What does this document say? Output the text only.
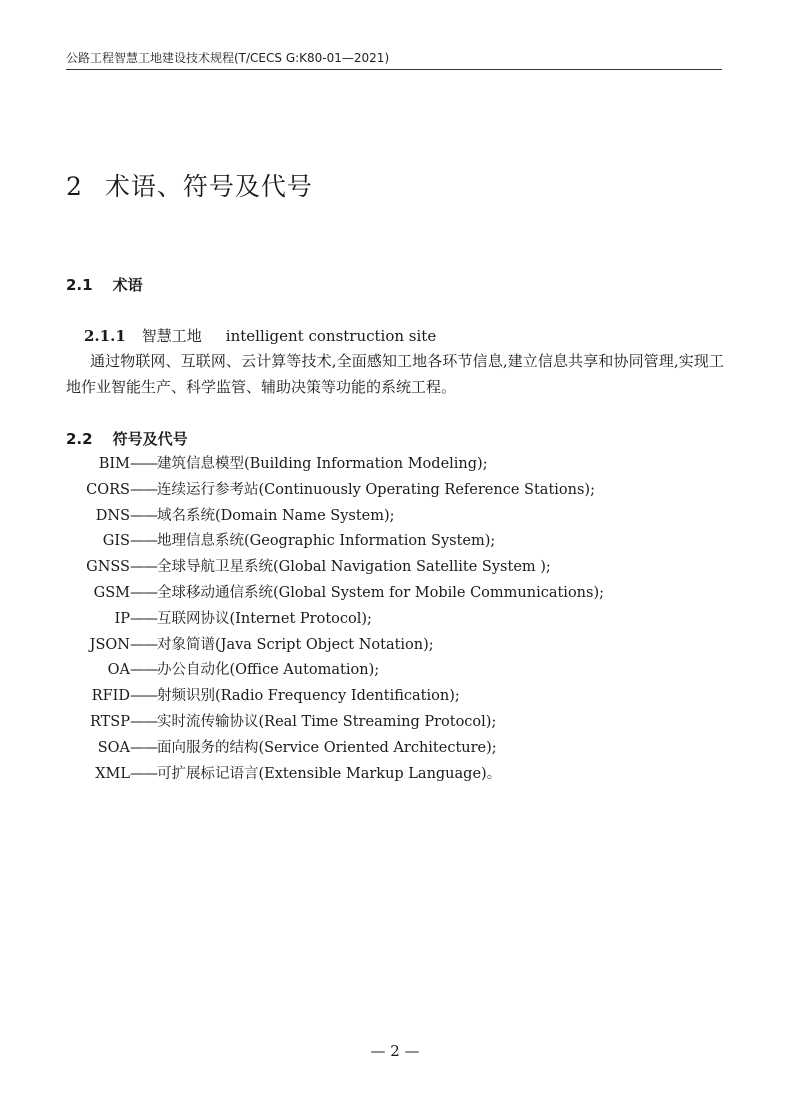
公路工程智慧工地建设技术规程(T/CECS G:K80-01—2021)
2 术语、符号及代号
2.1 术语
2.1.1 智慧工地 intelligent construction site
通过物联网、互联网、云计算等技术,全面感知工地各环节信息,建立信息共享和协同管理,实现工地作业智能生产、科学监管、辅助决策等功能的系统工程。
2.2 符号及代号
BIM——建筑信息模型(Building Information Modeling);
CORS——连续运行参考站(Continuously Operating Reference Stations);
DNS——域名系统(Domain Name System);
GIS——地理信息系统(Geographic Information System);
GNSS——全球导航卫星系统(Global Navigation Satellite System );
GSM——全球移动通信系统(Global System for Mobile Communications);
IP——互联网协议(Internet Protocol);
JSON——对象简谱(Java Script Object Notation);
OA——办公自动化(Office Automation);
RFID——射频识别(Radio Frequency Identification);
RTSP——实时流传输协议(Real Time Streaming Protocol);
SOA——面向服务的结构(Service Oriented Architecture);
XML——可扩展标记语言(Extensible Markup Language)。
— 2 —
